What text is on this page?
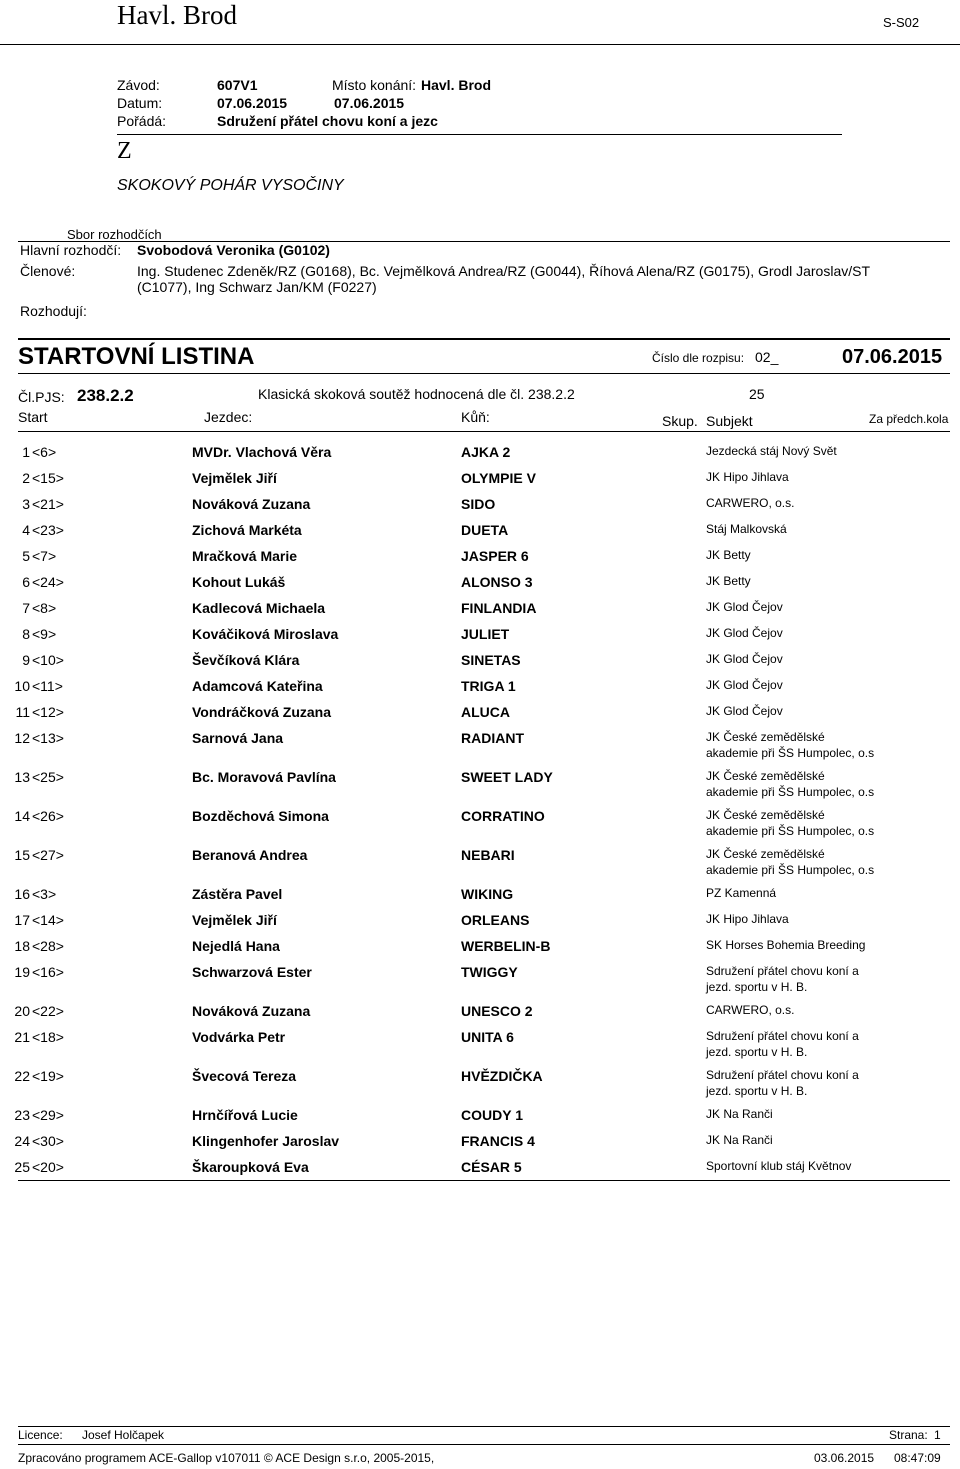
Havl. Brod	S-S02
Závod:	607V1	Místo konání: Havl. Brod
Datum:	07.06.2015	07.06.2015
Pořádá:	Sdružení přátel chovu koní a jezc
Z
SKOKOVÝ POHÁR VYSOČINY
Sbor rozhodčích
Hlavní rozhodčí: Svobodová Veronika (G0102)
Členové:	Ing. Studenec Zdeněk/RZ (G0168), Bc. Vejmělková Andrea/RZ (G0044), Říhová Alena/RZ (G0175), Grodl Jaroslav/ST
(C1077), Ing Schwarz Jan/KM (F0227)
Rozhodují:
STARTOVNÍ LISTINA	Číslo dle rozpisu: 02_	07.06.2015
Čl.PJS: 238.2.2	Klasická skoková soutěž hodnocená dle čl. 238.2.2	25
Start	Jezdec:	Kůň:	Skup. Subjekt	Za předch.kola
1 <6>	MVDr. Vlachová Věra	AJKA 2	Jezdecká stáj Nový Svět
2 <15>	Vejmělek Jiří	OLYMPIE V	JK Hipo Jihlava
3 <21>	Nováková Zuzana	SIDO	CARWERO, o.s.
4 <23>	Zichová Markéta	DUETA	Stáj Malkovská
5 <7>	Mračková Marie	JASPER 6	JK Betty
6 <24>	Kohout Lukáš	ALONSO 3	JK Betty
7 <8>	Kadlecová Michaela	FINLANDIA	JK Glod Čejov
8 <9>	Kováčiková Miroslava	JULIET	JK Glod Čejov
9 <10>	Ševčíková Klára	SINETAS	JK Glod Čejov
10 <11>	Adamcová Kateřina	TRIGA 1	JK Glod Čejov
11 <12>	Vondráčková Zuzana	ALUCA	JK Glod Čejov
12 <13>	Sarnová Jana	RADIANT	JK České zemědělské
akademie při ŠS Humpolec, o.s
13 <25>	Bc. Moravová Pavlína	SWEET LADY	JK České zemědělské
akademie při ŠS Humpolec, o.s
14 <26>	Bozděchová Simona	CORRATINO	JK České zemědělské
akademie při ŠS Humpolec, o.s
15 <27>	Beranová Andrea	NEBARI	JK České zemědělské
akademie při ŠS Humpolec, o.s
16 <3>	Zástěra Pavel	WIKING	PZ Kamenná
17 <14>	Vejmělek Jiří	ORLEANS	JK Hipo Jihlava
18 <28>	Nejedlá Hana	WERBELIN-B	SK Horses Bohemia Breeding
19 <16>	Schwarzová Ester	TWIGGY	Sdružení přátel chovu koní a
jezd. sportu v H. B.
20 <22>	Nováková Zuzana	UNESCO 2	CARWERO, o.s.
21 <18>	Vodvárka Petr	UNITA 6	Sdružení přátel chovu koní a
jezd. sportu v H. B.
22 <19>	Švecová Tereza	HVĚZDIČKA	Sdružení přátel chovu koní a
jezd. sportu v H. B.
23 <29>	Hrnčířová Lucie	COUDY 1	JK Na Ranči
24 <30>	Klingenhofer Jaroslav	FRANCIS 4	JK Na Ranči
25 <20>	Škaroupková Eva	CÉSAR 5	Sportovní klub stáj Květnov
Licence: Josef Holčapek	Strana: 1
Zpracováno programem ACE-Gallop v107011 © ACE Design s.r.o, 2005-2015,	03.06.2015 08:47:09
